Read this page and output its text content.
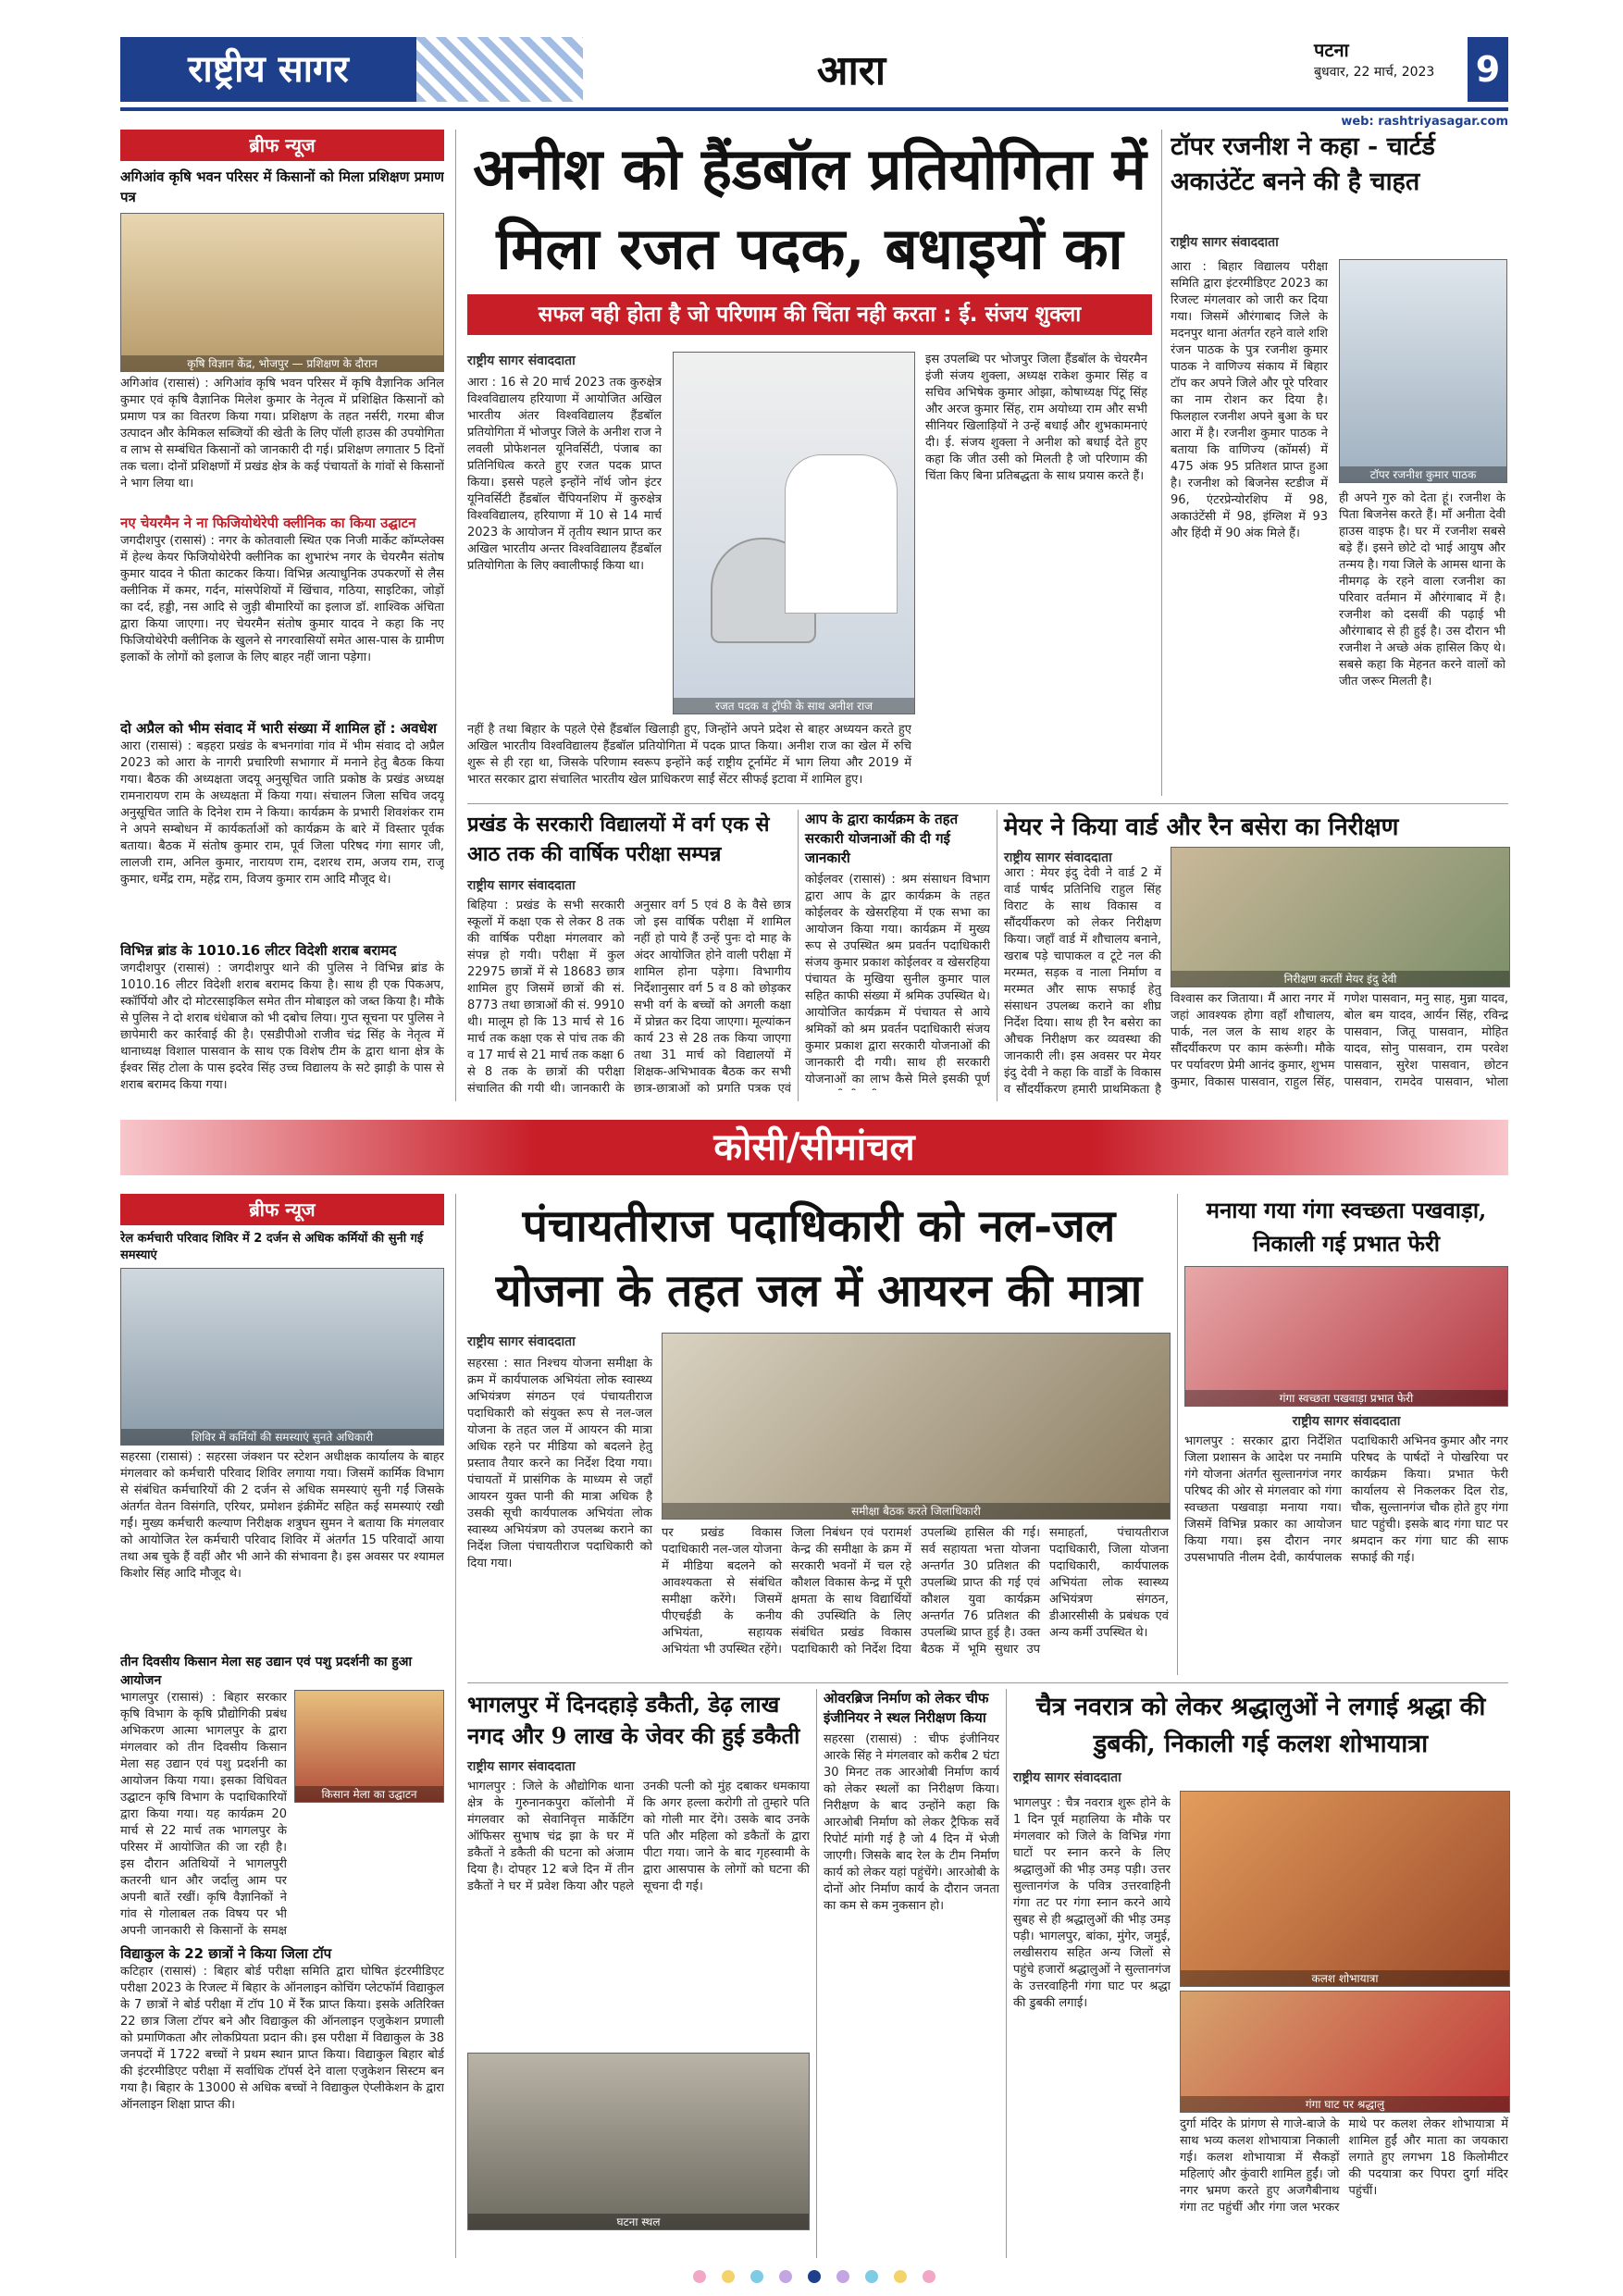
राष्ट्रीय सागर	आरा	पटना
बुधवार, 22 मार्च, 2023	9
web: rashtriyasagar.com
ब्रीफ न्यूज
अगिआंव कृषि भवन परिसर में किसानों को मिला प्रशिक्षण प्रमाण पत्र
कृषि विज्ञान केंद्र, भोजपुर — प्रशिक्षण के दौरान
अगिआंव (रासासं) : अगिआंव कृषि भवन परिसर में कृषि वैज्ञानिक अनिल कुमार एवं कृषि वैज्ञानिक मिलेश कुमार के नेतृत्व में प्रशिक्षित किसानों को प्रमाण पत्र का वितरण किया गया। प्रशिक्षण के तहत नर्सरी, गरमा बीज उत्पादन और केमिकल सब्जियों की खेती के लिए पॉली हाउस की उपयोगिता व लाभ से सम्बंधित किसानों को जानकारी दी गई। प्रशिक्षण लगातार 5 दिनों तक चला। दोनों प्रशिक्षणों में प्रखंड क्षेत्र के कई पंचायतों के गांवों से किसानों ने भाग लिया था।
नए चेयरमैन ने ना फिजियोथेरेपी क्लीनिक का किया उद्घाटन
जगदीशपुर (रासासं) : नगर के कोतवाली स्थित एक निजी मार्केट कॉम्प्लेक्स में हेल्थ केयर फिजियोथेरेपी क्लीनिक का शुभारंभ नगर के चेयरमैन संतोष कुमार यादव ने फीता काटकर किया। विभिन्न अत्याधुनिक उपकरणों से लैस क्लीनिक में कमर, गर्दन, मांसपेशियों में खिंचाव, गठिया, साइटिका, जोड़ों का दर्द, हड्डी, नस आदि से जुड़ी बीमारियों का इलाज डॉ. शाश्विक अंचिता द्वारा किया जाएगा। नए चेयरमैन संतोष कुमार यादव ने कहा कि नए फिजियोथेरेपी क्लीनिक के खुलने से नगरवासियों समेत आस-पास के ग्रामीण इलाकों के लोगों को इलाज के लिए बाहर नहीं जाना पड़ेगा।
दो अप्रैल को भीम संवाद में भारी संख्या में शामिल हों : अवधेश
आरा (रासासं) : बड़हरा प्रखंड के बभनगांवा गांव में भीम संवाद दो अप्रैल 2023 को आरा के नागरी प्रचारिणी सभागार में मनाने हेतु बैठक किया गया। बैठक की अध्यक्षता जदयू अनुसूचित जाति प्रकोष्ठ के प्रखंड अध्यक्ष रामनारायण राम के अध्यक्षता में किया गया। संचालन जिला सचिव जदयू अनुसूचित जाति के दिनेश राम ने किया। कार्यक्रम के प्रभारी शिवशंकर राम ने अपने सम्बोधन में कार्यकर्ताओं को कार्यक्रम के बारे में विस्तार पूर्वक बताया। बैठक में संतोष कुमार राम, पूर्व जिला परिषद गंगा सागर जी, लालजी राम, अनिल कुमार, नारायण राम, दशरथ राम, अजय राम, राजू कुमार, धर्मेंद्र राम, महेंद्र राम, विजय कुमार राम आदि मौजूद थे।
विभिन्न ब्रांड के 1010.16 लीटर विदेशी शराब बरामद
जगदीशपुर (रासासं) : जगदीशपुर थाने की पुलिस ने विभिन्न ब्रांड के 1010.16 लीटर विदेशी शराब बरामद किया है। साथ ही एक पिकअप, स्कॉर्पियो और दो मोटरसाइकिल समेत तीन मोबाइल को जब्त किया है। मौके से पुलिस ने दो शराब धंधेबाज को भी दबोच लिया। गुप्त सूचना पर पुलिस ने छापेमारी कर कार्रवाई की है। एसडीपीओ राजीव चंद्र सिंह के नेतृत्व में थानाध्यक्ष विशाल पासवान के साथ एक विशेष टीम के द्वारा थाना क्षेत्र के ईश्वर सिंह टोला के पास इदरेव सिंह उच्च विद्यालय के सटे झाड़ी के पास से शराब बरामद किया गया।
अनीश को हैंडबॉल प्रतियोगिता में मिला रजत पदक, बधाइयों का
सफल वही होता है जो परिणाम की चिंता नही करता : ई. संजय शुक्ला
राष्ट्रीय सागर संवाददाता
आरा : 16 से 20 मार्च 2023 तक कुरुक्षेत्र विश्वविद्यालय हरियाणा में आयोजित अखिल भारतीय अंतर विश्वविद्यालय हैंडबॉल प्रतियोगिता में भोजपुर जिले के अनीश राज ने लवली प्रोफेशनल यूनिवर्सिटी, पंजाब का प्रतिनिधित्व करते हुए रजत पदक प्राप्त किया। इससे पहले इन्होंने नॉर्थ जोन इंटर यूनिवर्सिटी हैंडबॉल चैंपियनशिप में कुरुक्षेत्र विश्वविद्यालय, हरियाणा में 10 से 14 मार्च 2023 के आयोजन में तृतीय स्थान प्राप्त कर अखिल भारतीय अन्तर विश्वविद्यालय हैंडबॉल प्रतियोगिता के लिए क्वालीफाई किया था।
रजत पदक व ट्रॉफी के साथ अनीश राज
नहीं है तथा बिहार के पहले ऐसे हैंडबॉल खिलाड़ी हुए, जिन्होंने अपने प्रदेश से बाहर अध्ययन करते हुए अखिल भारतीय विश्वविद्यालय हैंडबॉल प्रतियोगिता में पदक प्राप्त किया। अनीश राज का खेल में रुचि शुरू से ही रहा था, जिसके परिणाम स्वरूप इन्होंने कई राष्ट्रीय टूर्नामेंट में भाग लिया और 2019 में भारत सरकार द्वारा संचालित भारतीय खेल प्राधिकरण साईं सेंटर सीफई इटावा में शामिल हुए।
इस उपलब्धि पर भोजपुर जिला हैंडबॉल के चेयरमैन इंजी संजय शुक्ला, अध्यक्ष राकेश कुमार सिंह व सचिव अभिषेक कुमार ओझा, कोषाध्यक्ष पिंटू सिंह और अरज कुमार सिंह, राम अयोध्या राम और सभी सीनियर खिलाड़ियों ने उन्हें बधाई और शुभकामनाएं दी। ई. संजय शुक्ला ने अनीश को बधाई देते हुए कहा कि जीत उसी को मिलती है जो परिणाम की चिंता किए बिना प्रतिबद्धता के साथ प्रयास करते हैं।
टॉपर रजनीश ने कहा - चार्टर्ड अकाउंटेंट बनने की है चाहत
राष्ट्रीय सागर संवाददाता
आरा : बिहार विद्यालय परीक्षा समिति द्वारा इंटरमीडिएट 2023 का रिजल्ट मंगलवार को जारी कर दिया गया। जिसमें औरंगाबाद जिले के मदनपुर थाना अंतर्गत रहने वाले शशि रंजन पाठक के पुत्र रजनीश कुमार पाठक ने वाणिज्य संकाय में बिहार टॉप कर अपने जिले और पूरे परिवार का नाम रोशन कर दिया है। फिलहाल रजनीश अपने बुआ के घर आरा में है। रजनीश कुमार पाठक ने बताया कि वाणिज्य (कॉमर्स) में 475 अंक 95 प्रतिशत प्राप्त हुआ है। रजनीश को बिजनेस स्टडीज में 96, एंटरप्रेन्योरशिप में 98, अकाउंटेंसी में 98, इंग्लिश में 93 और हिंदी में 90 अंक मिले हैं।
टॉपर रजनीश कुमार पाठक
ही अपने गुरु को देता हूं। रजनीश के पिता बिजनेस करते हैं। माँ अनीता देवी हाउस वाइफ है। घर में रजनीश सबसे बड़े हैं। इसने छोटे दो भाई आयुष और तन्मय है। गया जिले के आमस थाना के नीमगढ़ के रहने वाला रजनीश का परिवार वर्तमान में औरंगाबाद में है। रजनीश को दसवीं की पढ़ाई भी औरंगाबाद से ही हुई है। उस दौरान भी रजनीश ने अच्छे अंक हासिल किए थे। सबसे कहा कि मेहनत करने वालों को जीत जरूर मिलती है।
प्रखंड के सरकारी विद्यालयों में वर्ग एक से आठ तक की वार्षिक परीक्षा सम्पन्न
राष्ट्रीय सागर संवाददाता
बिहिया : प्रखंड के सभी सरकारी स्कूलों में कक्षा एक से लेकर 8 तक की वार्षिक परीक्षा मंगलवार को संपन्न हो गयी। परीक्षा में कुल 22975 छात्रों में से 18683 छात्र शामिल हुए जिसमें छात्रों की सं. 8773 तथा छात्राओं की सं. 9910 थी। मालूम हो कि 13 मार्च से 16 मार्च तक कक्षा एक से पांच तक की व 17 मार्च से 21 मार्च तक कक्षा 6 से 8 तक के छात्रों की परीक्षा संचालित की गयी थी। जानकारी के अनुसार वर्ग 5 एवं 8 के वैसे छात्र जो इस वार्षिक परीक्षा में शामिल नहीं हो पाये हैं उन्हें पुनः दो माह के अंदर आयोजित होने वाली परीक्षा में शामिल होना पड़ेगा। विभागीय निर्देशानुसार वर्ग 5 व 8 को छोड़कर सभी वर्ग के बच्चों को अगली कक्षा में प्रोन्नत कर दिया जाएगा। मूल्यांकन कार्य 23 से 28 तक किया जाएगा तथा 31 मार्च को विद्यालयों में शिक्षक-अभिभावक बैठक कर सभी छात्र-छात्राओं को प्रगति पत्रक एवं
आप के द्वारा कार्यक्रम के तहत सरकारी योजनाओं की दी गई जानकारी
कोईलवर (रासासं) : श्रम संसाधन विभाग द्वारा आप के द्वार कार्यक्रम के तहत कोईलवर के खेसरहिया में एक सभा का आयोजन किया गया। कार्यक्रम में मुख्य रूप से उपस्थित श्रम प्रवर्तन पदाधिकारी संजय कुमार प्रकाश कोईलवर व खेसरहिया पंचायत के मुखिया सुनील कुमार पाल सहित काफी संख्या में श्रमिक उपस्थित थे। आयोजित कार्यक्रम में पंचायत से आये श्रमिकों को श्रम प्रवर्तन पदाधिकारी संजय कुमार प्रकाश द्वारा सरकारी योजनाओं की जानकारी दी गयी। साथ ही सरकारी योजनाओं का लाभ कैसे मिले इसकी पूर्ण
मेयर ने किया वार्ड और रैन बसेरा का निरीक्षण
राष्ट्रीय सागर संवाददाता
आरा : मेयर इंदु देवी ने वार्ड 2 में वार्ड पार्षद प्रतिनिधि राहुल सिंह विराट के साथ विकास व सौंदर्यीकरण को लेकर निरीक्षण किया। जहाँ वार्ड में शौचालय बनाने, खराब पड़े चापाकल व टूटे नल की मरम्मत, सड़क व नाला निर्माण व मरम्मत और साफ सफाई हेतु संसाधन उपलब्ध कराने का शीघ्र निर्देश दिया। साथ ही रैन बसेरा का औचक निरीक्षण कर व्यवस्था की जानकारी ली। इस अवसर पर मेयर इंदु देवी ने कहा कि वार्डों के विकास व सौंदर्यीकरण हमारी प्राथमिकता है
निरीक्षण करतीं मेयर इंदु देवी
विश्वास कर जिताया। मैं आरा नगर में जहां आवश्यक होगा वहाँ शौचालय, पार्क, नल जल के साथ शहर के सौंदर्यीकरण पर काम करूंगी। मौके पर पर्यावरण प्रेमी आनंद कुमार, शुभम कुमार, विकास पासवान, राहुल सिंह, गणेश पासवान, मनु साह, मुन्ना यादव, बोल बम यादव, आर्यन सिंह, रविन्द्र पासवान, जितू पासवान, मोहित यादव, सोनु पासवान, राम परवेश पासवान, सुरेश पासवान, छोटन पासवान, रामदेव पासवान, भोला
कोसी/सीमांचल
ब्रीफ न्यूज
रेल कर्मचारी परिवाद शिविर में 2 दर्जन से अधिक कर्मियों की सुनी गई समस्याएं
शिविर में कर्मियों की समस्याएं सुनते अधिकारी
सहरसा (रासासं) : सहरसा जंक्शन पर स्टेशन अधीक्षक कार्यालय के बाहर मंगलवार को कर्मचारी परिवाद शिविर लगाया गया। जिसमें कार्मिक विभाग से संबंधित कर्मचारियों की 2 दर्जन से अधिक समस्याएं सुनी गईं जिसके अंतर्गत वेतन विसंगति, एरियर, प्रमोशन इंक्रीमेंट सहित कई समस्याएं रखी गईं। मुख्य कर्मचारी कल्याण निरीक्षक शत्रुघन सुमन ने बताया कि मंगलवार को आयोजित रेल कर्मचारी परिवाद शिविर में अंतर्गत 15 परिवादों आया तथा अब चुके हैं वहीं और भी आने की संभावना है। इस अवसर पर श्यामल किशोर सिंह आदि मौजूद थे।
तीन दिवसीय किसान मेला सह उद्यान एवं पशु प्रदर्शनी का हुआ आयोजन
भागलपुर (रासासं) : बिहार सरकार कृषि विभाग के कृषि प्रौद्योगिकी प्रबंध अभिकरण आत्मा भागलपुर के द्वारा मंगलवार को तीन दिवसीय किसान मेला सह उद्यान एवं पशु प्रदर्शनी का आयोजन किया गया। इसका विधिवत उद्घाटन कृषि विभाग के पदाधिकारियों द्वारा किया गया। यह कार्यक्रम 20 मार्च से 22 मार्च तक भागलपुर के परिसर में आयोजित की जा रही है। इस दौरान अतिथियों ने भागलपुरी कतरनी धान और जर्दालु आम पर अपनी बातें रखीं। कृषि वैज्ञानिकों ने गांव से गोलाबल तक विषय पर भी अपनी जानकारी से किसानों के समक्ष
किसान मेला का उद्घाटन
विद्याकुल के 22 छात्रों ने किया जिला टॉप
कटिहार (रासासं) : बिहार बोर्ड परीक्षा समिति द्वारा घोषित इंटरमीडिएट परीक्षा 2023 के रिजल्ट में बिहार के ऑनलाइन कोचिंग प्लेटफॉर्म विद्याकुल के 7 छात्रों ने बोर्ड परीक्षा में टॉप 10 में रैंक प्राप्त किया। इसके अतिरिक्त 22 छात्र जिला टॉपर बने और विद्याकुल की ऑनलाइन एजुकेशन प्रणाली को प्रमाणिकता और लोकप्रियता प्रदान की। इस परीक्षा में विद्याकुल के 38 जनपदों में 1722 बच्चों ने प्रथम स्थान प्राप्त किया। विद्याकुल बिहार बोर्ड की इंटरमीडिएट परीक्षा में सर्वाधिक टॉपर्स देने वाला एजुकेशन सिस्टम बन गया है। बिहार के 13000 से अधिक बच्चों ने विद्याकुल ऐप्लीकेशन के द्वारा ऑनलाइन शिक्षा प्राप्त की।
पंचायतीराज पदाधिकारी को नल-जल योजना के तहत जल में आयरन की मात्रा
राष्ट्रीय सागर संवाददाता
सहरसा : सात निश्चय योजना समीक्षा के क्रम में कार्यपालक अभियंता लोक स्वास्थ्य अभियंत्रण संगठन एवं पंचायतीराज पदाधिकारी को संयुक्त रूप से नल-जल योजना के तहत जल में आयरन की मात्रा अधिक रहने पर मीडिया को बदलने हेतु प्रस्ताव तैयार करने का निर्देश दिया गया। पंचायतों में प्रासंगिक के माध्यम से जहाँ आयरन युक्त पानी की मात्रा अधिक है उसकी सूची कार्यपालक अभियंता लोक स्वास्थ्य अभियंत्रण को उपलब्ध कराने का निर्देश जिला पंचायतीराज पदाधिकारी को दिया गया।
समीक्षा बैठक करते जिलाधिकारी
पर प्रखंड विकास पदाधिकारी नल-जल योजना में मीडिया बदलने को आवश्यकता से संबंधित समीक्षा करेंगे। जिसमें पीएचईडी के कनीय अभियंता, सहायक अभियंता भी उपस्थित रहेंगे। जिला निबंधन एवं परामर्श केन्द्र की समीक्षा के क्रम में सरकारी भवनों में चल रहे कौशल विकास केन्द्र में पूरी क्षमता के साथ विद्यार्थियों की उपस्थिति के लिए संबंधित प्रखंड विकास पदाधिकारी को निर्देश दिया
उपलब्धि हासिल की गई। सर्व सहायता भत्ता योजना अन्तर्गत 30 प्रतिशत की उपलब्धि प्राप्त की गई एवं कौशल युवा कार्यक्रम अन्तर्गत 76 प्रतिशत की उपलब्धि प्राप्त हुई है। उक्त बैठक में भूमि सुधार उप समाहर्ता, पंचायतीराज पदाधिकारी, जिला योजना पदाधिकारी, कार्यपालक अभियंता लोक स्वास्थ्य अभियंत्रण संगठन, डीआरसीसी के प्रबंधक एवं अन्य कर्मी उपस्थित थे।
मनाया गया गंगा स्वच्छता पखवाड़ा, निकाली गई प्रभात फेरी
गंगा स्वच्छता पखवाड़ा प्रभात फेरी
राष्ट्रीय सागर संवाददाता
भागलपुर : सरकार द्वारा निर्देशित जिला प्रशासन के आदेश पर नमामि गंगे योजना अंतर्गत सुल्तानगंज नगर परिषद की ओर से मंगलवार को गंगा स्वच्छता पखवाड़ा मनाया गया। जिसमें विभिन्न प्रकार का आयोजन किया गया। इस दौरान नगर उपसभापति नीलम देवी, कार्यपालक पदाधिकारी अभिनव कुमार और नगर परिषद के पार्षदों ने पोखरिया पर कार्यक्रम किया। प्रभात फेरी कार्यालय से निकलकर दिल रोड, चौक, सुल्तानगंज चौक होते हुए गंगा घाट पहुंची। इसके बाद गंगा घाट पर श्रमदान कर गंगा घाट की साफ सफाई की गई।
भागलपुर में दिनदहाड़े डकैती, डेढ़ लाख नगद और 9 लाख के जेवर की हुई डकैती
राष्ट्रीय सागर संवाददाता
भागलपुर : जिले के औद्योगिक थाना क्षेत्र के गुरुनानकपुरा कॉलोनी में मंगलवार को सेवानिवृत्त मार्केटिंग ऑफिसर सुभाष चंद्र झा के घर में डकैतों ने डकैती की घटना को अंजाम दिया है। दोपहर 12 बजे दिन में तीन डकैतों ने घर में प्रवेश किया और पहले उनकी पत्नी को मुंह दबाकर धमकाया कि अगर हल्ला करोगी तो तुम्हारे पति को गोली मार देंगे। उसके बाद उनके पति और महिला को डकैतों के द्वारा पीटा गया। जाने के बाद गृहस्वामी के द्वारा आसपास के लोगों को घटना की सूचना दी गई।
घटना स्थल
ओवरब्रिज निर्माण को लेकर चीफ इंजीनियर ने स्थल निरीक्षण किया
सहरसा (रासासं) : चीफ इंजीनियर आरके सिंह ने मंगलवार को करीब 2 घंटा 30 मिनट तक आरओबी निर्माण कार्य को लेकर स्थलों का निरीक्षण किया। निरीक्षण के बाद उन्होंने कहा कि आरओबी निर्माण को लेकर ट्रैफिक सर्वे रिपोर्ट मांगी गई है जो 4 दिन में भेजी जाएगी। जिसके बाद रेल के टीम निर्माण कार्य को लेकर यहां पहुंचेंगे। आरओबी के दोनों ओर निर्माण कार्य के दौरान जनता का कम से कम नुकसान हो।
चैत्र नवरात्र को लेकर श्रद्धालुओं ने लगाई श्रद्धा की डुबकी, निकाली गई कलश शोभायात्रा
राष्ट्रीय सागर संवाददाता
भागलपुर : चैत्र नवरात्र शुरू होने के 1 दिन पूर्व महालिया के मौके पर मंगलवार को जिले के विभिन्न गंगा घाटों पर स्नान करने के लिए श्रद्धालुओं की भीड़ उमड़ पड़ी। उत्तर सुल्तानगंज के पवित्र उत्तरवाहिनी गंगा तट पर गंगा स्नान करने आये सुबह से ही श्रद्धालुओं की भीड़ उमड़ पड़ी। भागलपुर, बांका, मुंगेर, जमुई, लखीसराय सहित अन्य जिलों से पहुंचे हजारों श्रद्धालुओं ने सुल्तानगंज के उत्तरवाहिनी गंगा घाट पर श्रद्धा की डुबकी लगाई।
कलश शोभायात्रा
गंगा घाट पर श्रद्धालु
दुर्गा मंदिर के प्रांगण से गाजे-बाजे के साथ भव्य कलश शोभायात्रा निकाली गई। कलश शोभायात्रा में सैकड़ों महिलाएं और कुंवारी शामिल हुईं। जो नगर भ्रमण करते हुए अजगैबीनाथ गंगा तट पहुंचीं और गंगा जल भरकर माथे पर कलश लेकर शोभायात्रा में शामिल हुईं और माता का जयकारा लगाते हुए लगभग 18 किलोमीटर की पदयात्रा कर पिपरा दुर्गा मंदिर पहुंचीं।
